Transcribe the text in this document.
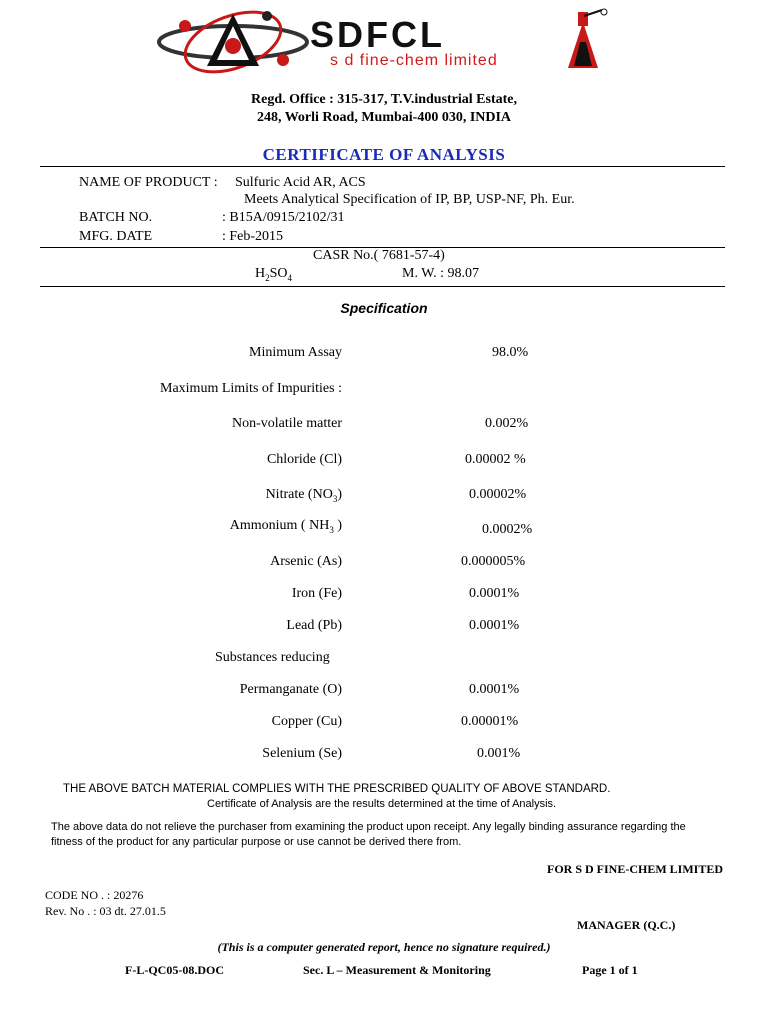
SDFCL
s d fine-chem limited
Regd. Office : 315-317, T.V.industrial Estate,
248, Worli Road, Mumbai-400 030, INDIA
CERTIFICATE OF ANALYSIS
NAME OF PRODUCT : Sulfuric Acid AR, ACS
Meets Analytical Specification of IP, BP, USP-NF, Ph. Eur.
BATCH NO.	: B15A/0915/2102/31
MFG. DATE	: Feb-2015
CASR No.( 7681-57-4)
$H_2SO_4$	M. W. : 98.07
Specification
Minimum Assay	98.0%
Maximum Limits of Impurities :
Non-volatile matter	0.002%
Chloride (Cl)	0.00002 %
Nitrate $(NO_3)$	0.00002%
Ammonium ( $NH_3$ )	0.0002%
Arsenic (As)	0.000005%
Iron (Fe)	0.0001%
Lead (Pb)	0.0001%
Substances reducing
Permanganate (O)	0.0001%
Copper (Cu)	0.00001%
Selenium (Se)	0.001%
THE ABOVE BATCH MATERIAL COMPLIES WITH THE PRESCRIBED QUALITY OF ABOVE STANDARD.
Certificate of Analysis are the results determined at the time of Analysis.
The above data do not relieve the purchaser from examining the product upon receipt. Any legally binding assurance regarding the
fitness of the product for any particular purpose or use cannot be derived there from.
FOR S D FINE-CHEM LIMITED
CODE NO . : 20276
Rev. No . : 03 dt. 27.01.5
MANAGER (Q.C.)
(This is a computer generated report, hence no signature required.)
F-L-QC05-08.DOC	Sec. L – Measurement & Monitoring	Page 1 of 1
